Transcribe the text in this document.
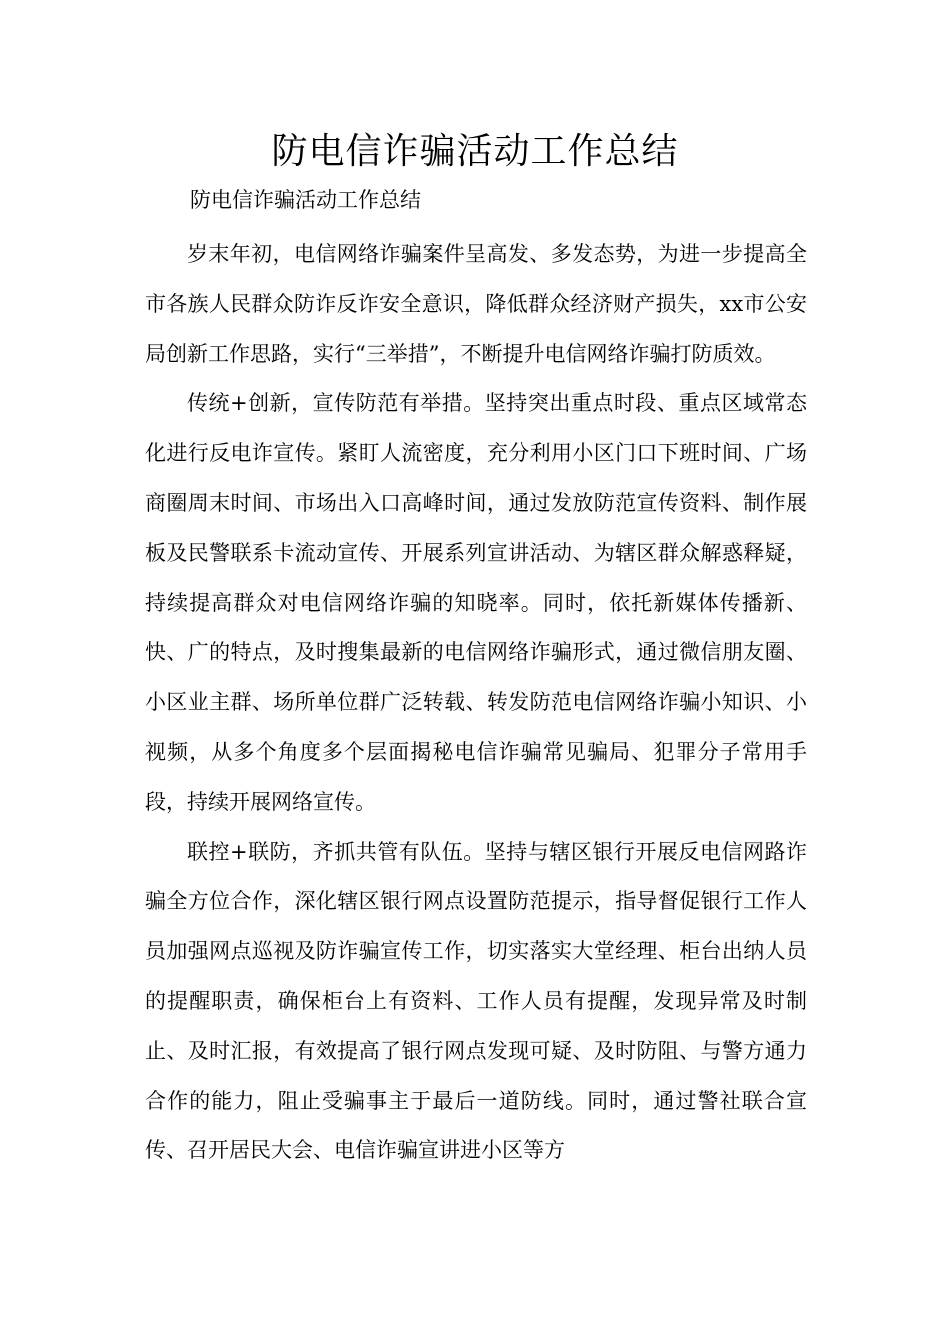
防电信诈骗活动工作总结

防电信诈骗活动工作总结

岁末年初，电信网络诈骗案件呈高发、多发态势，为进一步提高全市各族人民群众防诈反诈安全意识，降低群众经济财产损失，xx市公安局创新工作思路，实行“三举措”，不断提升电信网络诈骗打防质效。

传统+创新，宣传防范有举措。坚持突出重点时段、重点区域常态化进行反电诈宣传。紧盯人流密度，充分利用小区门口下班时间、广场商圈周末时间、市场出入口高峰时间，通过发放防范宣传资料、制作展板及民警联系卡流动宣传、开展系列宣讲活动、为辖区群众解惑释疑，持续提高群众对电信网络诈骗的知晓率。同时，依托新媒体传播新、快、广的特点，及时搜集最新的电信网络诈骗形式，通过微信朋友圈、小区业主群、场所单位群广泛转载、转发防范电信网络诈骗小知识、小视频，从多个角度多个层面揭秘电信诈骗常见骗局、犯罪分子常用手段，持续开展网络宣传。

联控+联防，齐抓共管有队伍。坚持与辖区银行开展反电信网路诈骗全方位合作，深化辖区银行网点设置防范提示，指导督促银行工作人员加强网点巡视及防诈骗宣传工作，切实落实大堂经理、柜台出纳人员的提醒职责，确保柜台上有资料、工作人员有提醒，发现异常及时制止、及时汇报，有效提高了银行网点发现可疑、及时防阻、与警方通力合作的能力，阻止受骗事主于最后一道防线。同时，通过警社联合宣传、召开居民大会、电信诈骗宣讲进小区等方
